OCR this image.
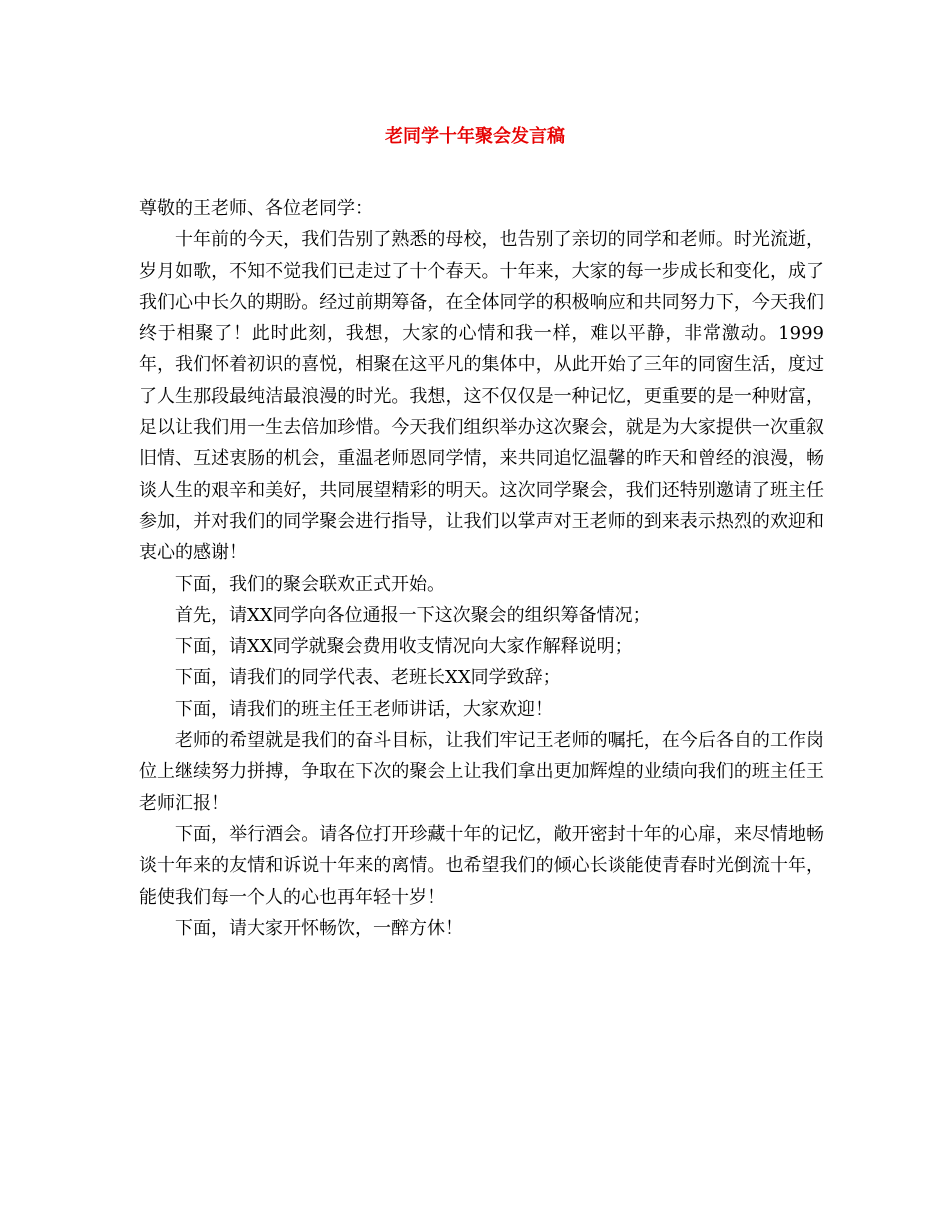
老同学十年聚会发言稿

尊敬的王老师、各位老同学：

十年前的今天，我们告别了熟悉的母校，也告别了亲切的同学和老师。时光流逝，岁月如歌，不知不觉我们已走过了十个春天。十年来，大家的每一步成长和变化，成了我们心中长久的期盼。经过前期筹备，在全体同学的积极响应和共同努力下，今天我们终于相聚了！此时此刻，我想，大家的心情和我一样，难以平静，非常激动。1999年，我们怀着初识的喜悦，相聚在这平凡的集体中，从此开始了三年的同窗生活，度过了人生那段最纯洁最浪漫的时光。我想，这不仅仅是一种记忆，更重要的是一种财富，足以让我们用一生去倍加珍惜。今天我们组织举办这次聚会，就是为大家提供一次重叙旧情、互述衷肠的机会，重温老师恩同学情，来共同追忆温馨的昨天和曾经的浪漫，畅谈人生的艰辛和美好，共同展望精彩的明天。这次同学聚会，我们还特别邀请了班主任参加，并对我们的同学聚会进行指导，让我们以掌声对王老师的到来表示热烈的欢迎和衷心的感谢！

下面，我们的聚会联欢正式开始。

首先，请XX同学向各位通报一下这次聚会的组织筹备情况；

下面，请XX同学就聚会费用收支情况向大家作解释说明；

下面，请我们的同学代表、老班长XX同学致辞；

下面，请我们的班主任王老师讲话，大家欢迎！

老师的希望就是我们的奋斗目标，让我们牢记王老师的嘱托，在今后各自的工作岗位上继续努力拼搏，争取在下次的聚会上让我们拿出更加辉煌的业绩向我们的班主任王老师汇报！

下面，举行酒会。请各位打开珍藏十年的记忆，敞开密封十年的心扉，来尽情地畅谈十年来的友情和诉说十年来的离情。也希望我们的倾心长谈能使青春时光倒流十年，能使我们每一个人的心也再年轻十岁！

下面，请大家开怀畅饮，一醉方休！
